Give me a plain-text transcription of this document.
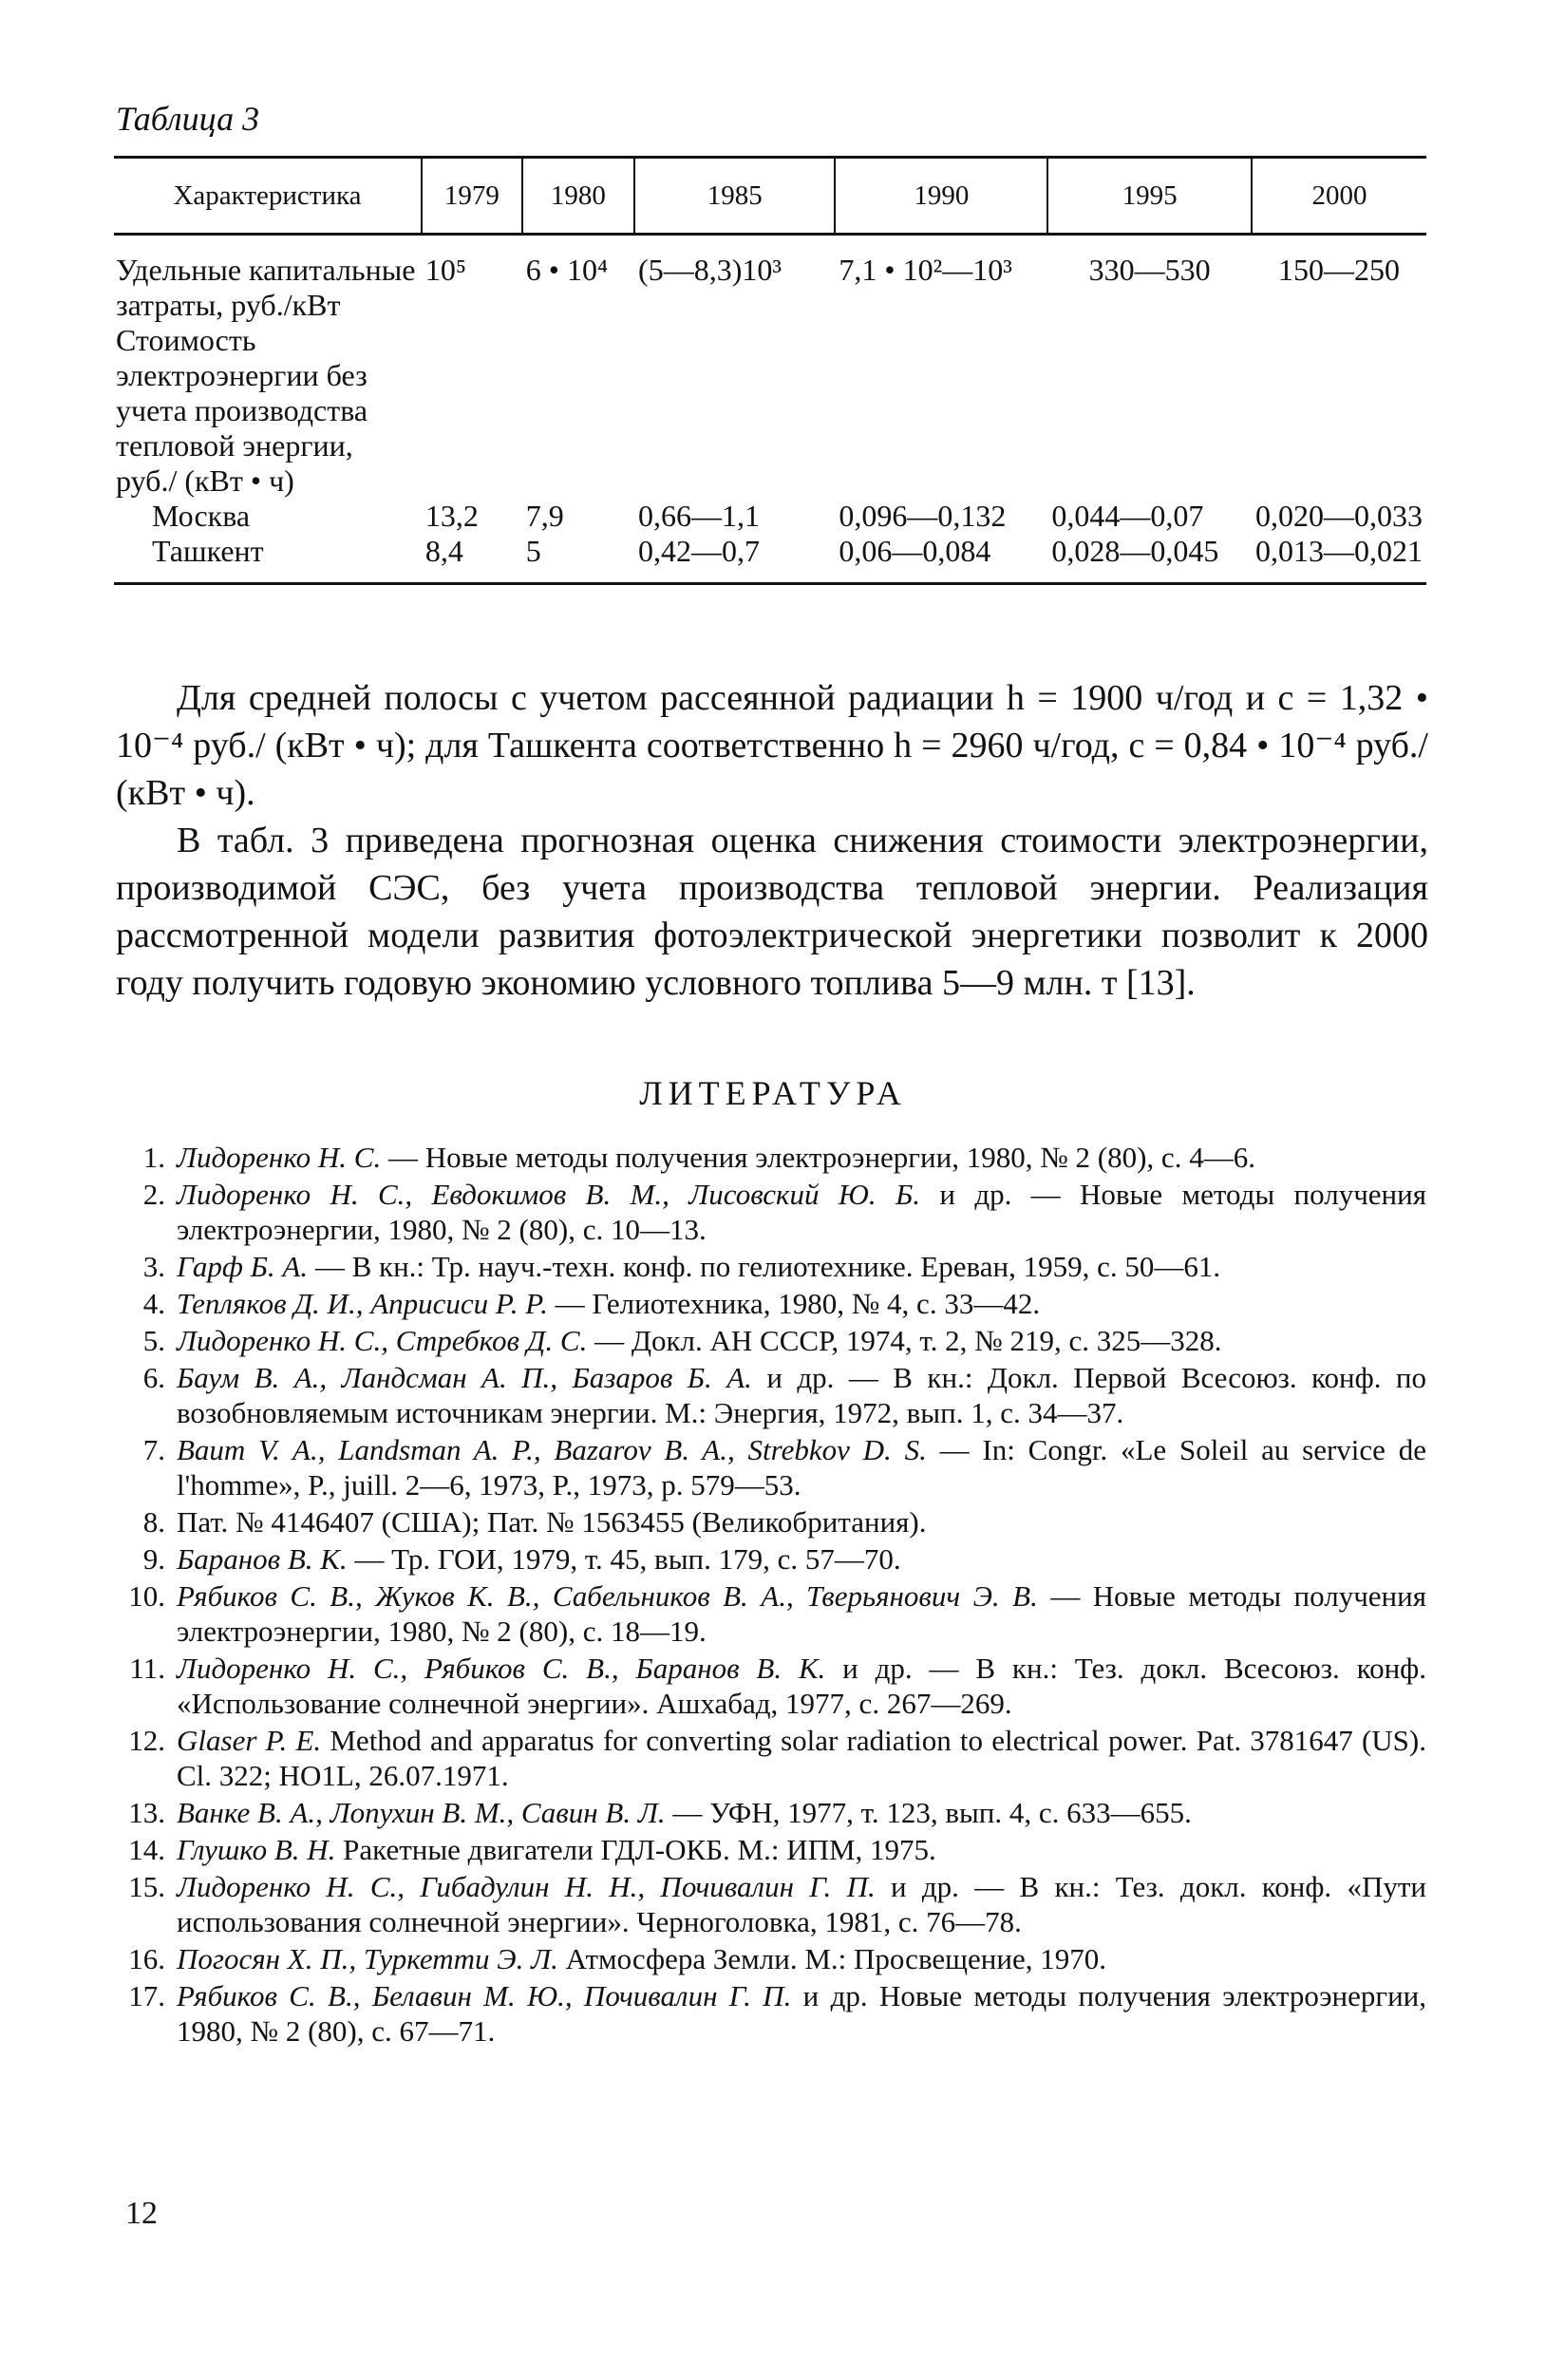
Таблица 3
Характеристика	1979	1980	1985	1990	1995	2000
Удельные капитальные затраты, руб./кВт	10⁵	6 • 10⁴	(5—8,3)10³	7,1 • 10²—10³	330—530	150—250
Стоимость электроэнергии без учета производства тепловой энергии, руб./ (кВт • ч)						
Москва	13,2	7,9	0,66—1,1	0,096—0,132	0,044—0,07	0,020—0,033
Ташкент	8,4	5	0,42—0,7	0,06—0,084	0,028—0,045	0,013—0,021

Для средней полосы с учетом рассеянной радиации h = 1900 ч/год и c = 1,32 • 10⁻⁴ руб./ (кВт • ч); для Ташкента соответственно h = 2960 ч/год, c = 0,84 • 10⁻⁴ руб./ (кВт • ч).

В табл. 3 приведена прогнозная оценка снижения стоимости электроэнергии, производимой СЭС, без учета производства тепловой энергии. Реализация рассмотренной модели развития фотоэлектрической энергетики позволит к 2000 году получить годовую экономию условного топлива 5—9 млн. т [13].

ЛИТЕРАТУРА
1. Лидоренко Н. С. — Новые методы получения электроэнергии, 1980, № 2 (80), с. 4—6.
2. Лидоренко Н. С., Евдокимов В. М., Лисовский Ю. Б. и др. — Новые методы получения электроэнергии, 1980, № 2 (80), с. 10—13.
3. Гарф Б. А. — В кн.: Тр. науч.-техн. конф. по гелиотехнике. Ереван, 1959, с. 50—61.
4. Тепляков Д. И., Априсиси Р. Р. — Гелиотехника, 1980, № 4, с. 33—42.
5. Лидоренко Н. С., Стребков Д. С. — Докл. АН СССР, 1974, т. 2, № 219, с. 325—328.
6. Баум В. А., Ландсман А. П., Базаров Б. А. и др. — В кн.: Докл. Первой Всесоюз. конф. по возобновляемым источникам энергии. М.: Энергия, 1972, вып. 1, с. 34—37.
7. Baum V. A., Landsman A. P., Bazarov B. A., Strebkov D. S. — In: Congr. «Le Soleil au service de l'homme», P., juill. 2—6, 1973, P., 1973, p. 579—53.
8. Пат. № 4146407 (США); Пат. № 1563455 (Великобритания).
9. Баранов В. К. — Тр. ГОИ, 1979, т. 45, вып. 179, с. 57—70.
10. Рябиков С. В., Жуков К. В., Сабельников В. А., Тверьянович Э. В. — Новые методы получения электроэнергии, 1980, № 2 (80), с. 18—19.
11. Лидоренко Н. С., Рябиков С. В., Баранов В. К. и др. — В кн.: Тез. докл. Всесоюз. конф. «Использование солнечной энергии». Ашхабад, 1977, с. 267—269.
12. Glaser P. E. Method and apparatus for converting solar radiation to electrical power. Pat. 3781647 (US). Cl. 322; HO1L, 26.07.1971.
13. Ванке В. А., Лопухин В. М., Савин В. Л. — УФН, 1977, т. 123, вып. 4, с. 633—655.
14. Глушко В. Н. Ракетные двигатели ГДЛ-ОКБ. М.: ИПМ, 1975.
15. Лидоренко Н. С., Гибадулин Н. Н., Почивалин Г. П. и др. — В кн.: Тез. докл. конф. «Пути использования солнечной энергии». Черноголовка, 1981, с. 76—78.
16. Погосян Х. П., Туркетти Э. Л. Атмосфера Земли. М.: Просвещение, 1970.
17. Рябиков С. В., Белавин М. Ю., Почивалин Г. П. и др. Новые методы получения электроэнергии, 1980, № 2 (80), с. 67—71.
12
